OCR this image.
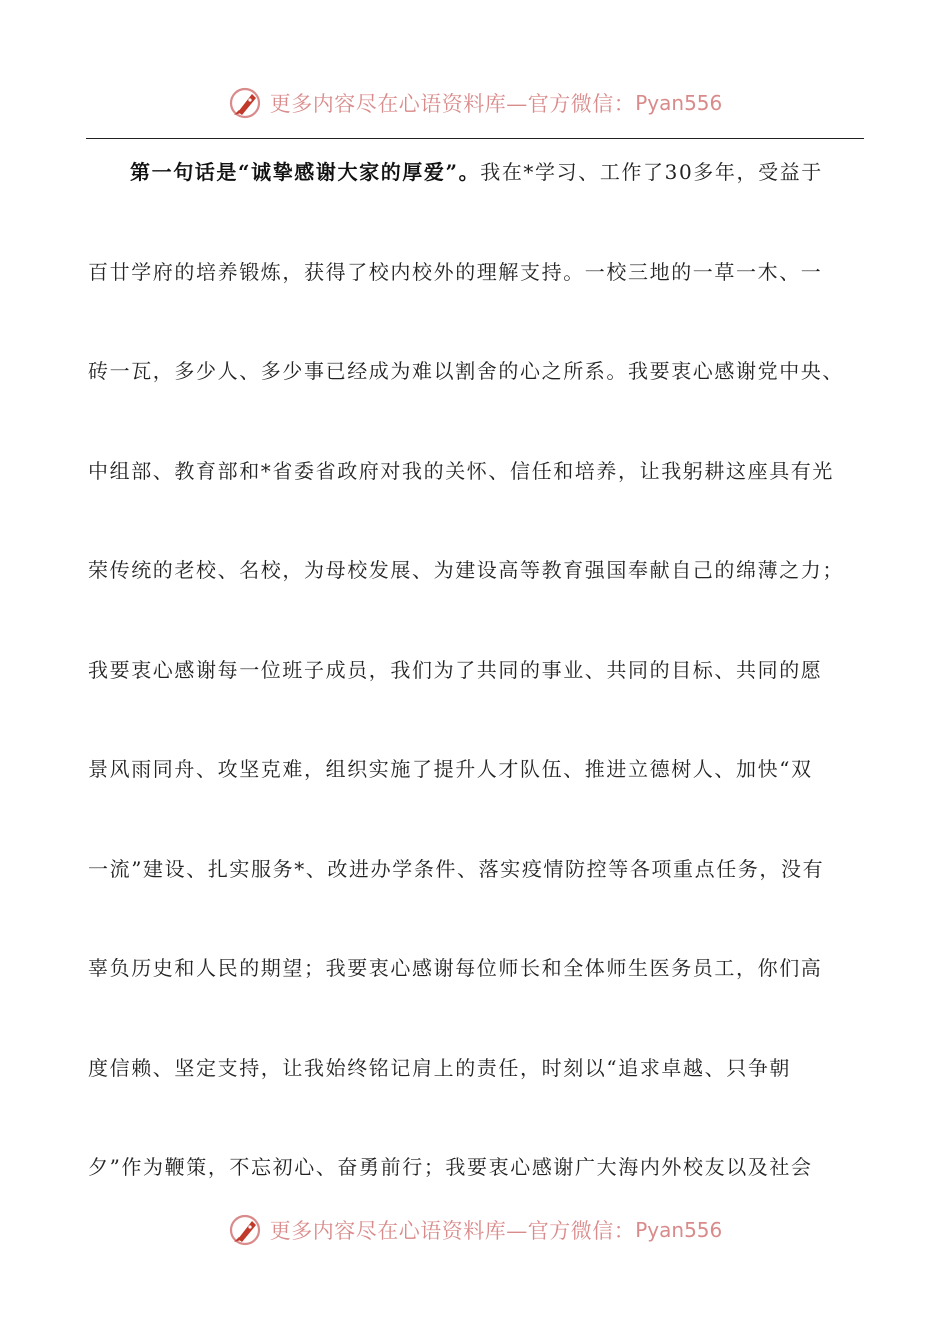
更多内容尽在心语资料库—官方微信： Pyan556
第一句话是“诚挚感谢大家的厚爱”。我在*学习、工作了30多年，受益于
百廿学府的培养锻炼，获得了校内校外的理解支持。一校三地的一草一木、一
砖一瓦，多少人、多少事已经成为难以割舍的心之所系。我要衷心感谢党中央、
中组部、教育部和*省委省政府对我的关怀、信任和培养，让我躬耕这座具有光
荣传统的老校、名校，为母校发展、为建设高等教育强国奉献自己的绵薄之力；
我要衷心感谢每一位班子成员，我们为了共同的事业、共同的目标、共同的愿
景风雨同舟、攻坚克难，组织实施了提升人才队伍、推进立德树人、加快“双
一流”建设、扎实服务*、改进办学条件、落实疫情防控等各项重点任务，没有
辜负历史和人民的期望；我要衷心感谢每位师长和全体师生医务员工，你们高
度信赖、坚定支持，让我始终铭记肩上的责任，时刻以“追求卓越、只争朝
夕”作为鞭策，不忘初心、奋勇前行；我要衷心感谢广大海内外校友以及社会
更多内容尽在心语资料库—官方微信： Pyan556
